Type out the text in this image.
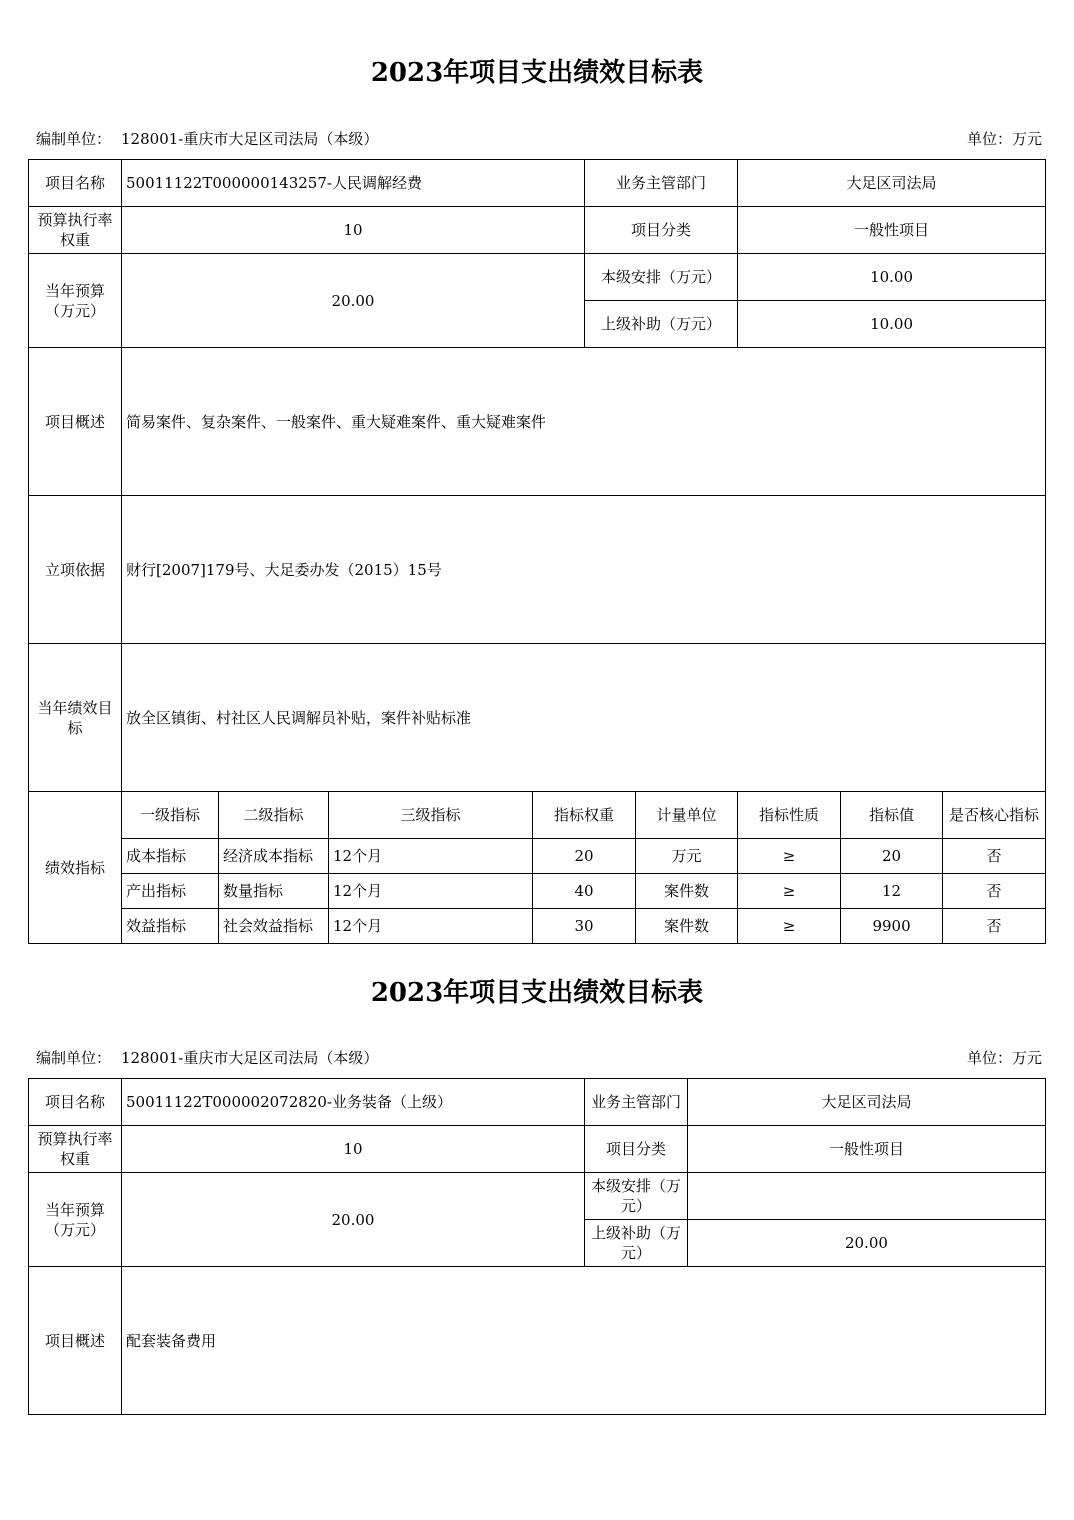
2023年项目支出绩效目标表
编制单位： 128001-重庆市大足区司法局（本级）	单位：万元
项目名称	50011122T000000143257-人民调解经费				业务主管部门		大足区司法局		
预算执行率权重	10				项目分类		一般性项目		
当年预算（万元）	20.00				本级安排（万元）		10.00		
					上级补助（万元）		10.00		
项目概述	简易案件、复杂案件、一般案件、重大疑难案件、重大疑难案件								
立项依据	财行[2007]179号、大足委办发（2015）15号								
当年绩效目标	放全区镇街、村社区人民调解员补贴，案件补贴标准								
绩效指标	一级指标	二级指标	三级指标	指标权重		计量单位	指标性质	指标值	是否核心指标
	成本指标	经济成本指标	12个月	20		万元	≥	20	否
	产出指标	数量指标	12个月	40		案件数	≥	12	否
	效益指标	社会效益指标	12个月	30		案件数	≥	9900	否
2023年项目支出绩效目标表
编制单位： 128001-重庆市大足区司法局（本级）	单位：万元
项目名称	50011122T000002072820-业务装备（上级）	业务主管部门	大足区司法局
预算执行率权重	10	项目分类	一般性项目
当年预算（万元）	20.00	本级安排（万元）	
		上级补助（万元）	20.00
项目概述	配套装备费用		
